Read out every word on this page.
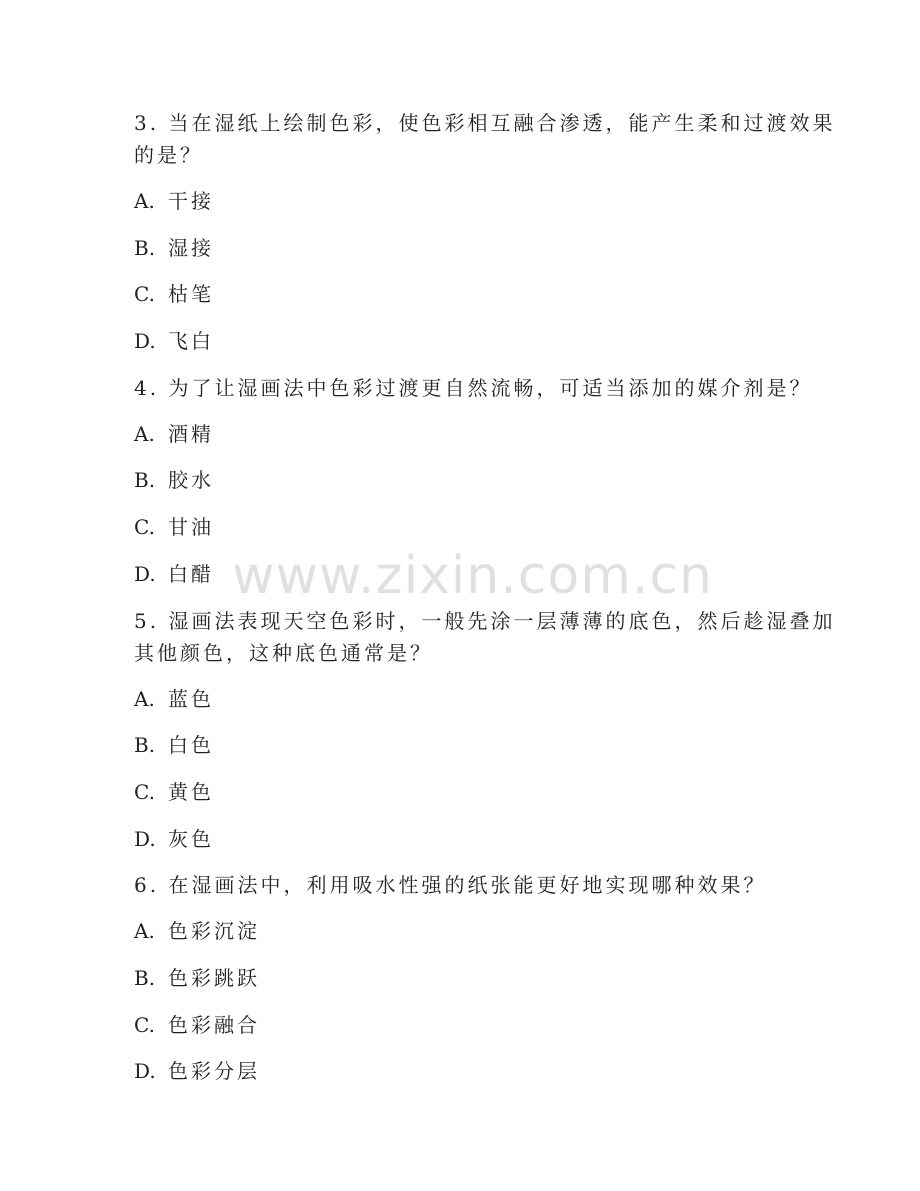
3. 当在湿纸上绘制色彩，使色彩相互融合渗透，能产生柔和过渡效果
的是？
A. 干接
B. 湿接
C. 枯笔
D. 飞白
4. 为了让湿画法中色彩过渡更自然流畅，可适当添加的媒介剂是？
A. 酒精
B. 胶水
C. 甘油
D. 白醋
5. 湿画法表现天空色彩时，一般先涂一层薄薄的底色，然后趁湿叠加
其他颜色，这种底色通常是？
A. 蓝色
B. 白色
C. 黄色
D. 灰色
6. 在湿画法中，利用吸水性强的纸张能更好地实现哪种效果？
A. 色彩沉淀
B. 色彩跳跃
C. 色彩融合
D. 色彩分层
www.zixin.com.cn
